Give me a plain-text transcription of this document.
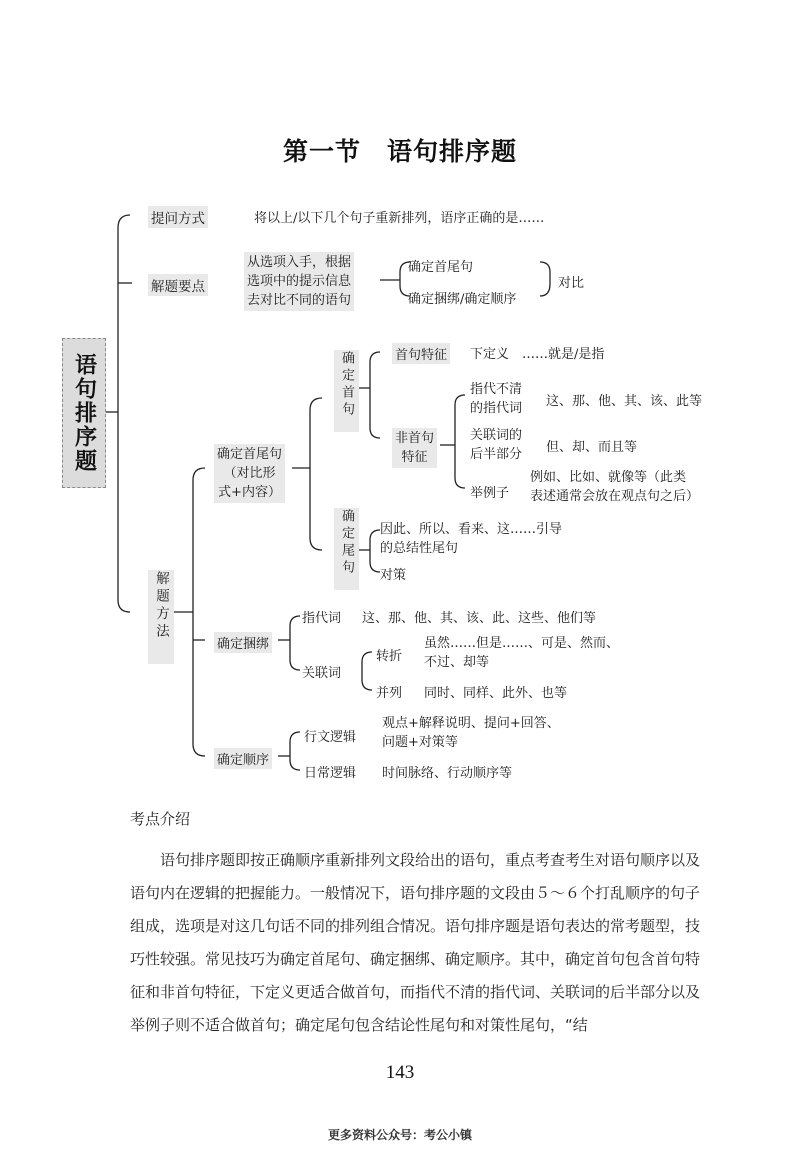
第一节　语句排序题
语句排序题
提问方式	将以上/以下几个句子重新排列，语序正确的是……
解题要点
从选项入手，根据
选项中的提示信息
去对比不同的语句
确定首尾句
确定捆绑/确定顺序
对比
解题方法
确定首尾句
（对比形
式+内容）
确定首句	首句特征 下定义　……就是/是指
非首句
特征
指代不清
的指代词 这、那、他、其、该、此等
关联词的
后半部分 但、却、而且等
举例子
例如、比如、就像等（此类
表述通常会放在观点句之后）
确定尾句	因此、所以、看来、这……引导
的总结性尾句
对策
确定捆绑
指代词 这、那、他、其、该、此、这些、他们等
关联词
转折
虽然……但是……、可是、然而、
不过、却等
并列 同时、同样、此外、也等
确定顺序
行文逻辑
观点+解释说明、提问+回答、
问题+对策等
日常逻辑 时间脉络、行动顺序等
考点介绍
　　语句排序题即按正确顺序重新排列文段给出的语句，重点考查考生对语句顺序以及语句内在逻辑的把握能力。一般情况下，语句排序题的文段由５～６个打乱顺序的句子组成，选项是对这几句话不同的排列组合情况。语句排序题是语句表达的常考题型，技巧性较强。常见技巧为确定首尾句、确定捆绑、确定顺序。其中，确定首句包含首句特征和非首句特征，下定义更适合做首句，而指代不清的指代词、关联词的后半部分以及举例子则不适合做首句；确定尾句包含结论性尾句和对策性尾句，“结
143
更多资料公众号：考公小镇
